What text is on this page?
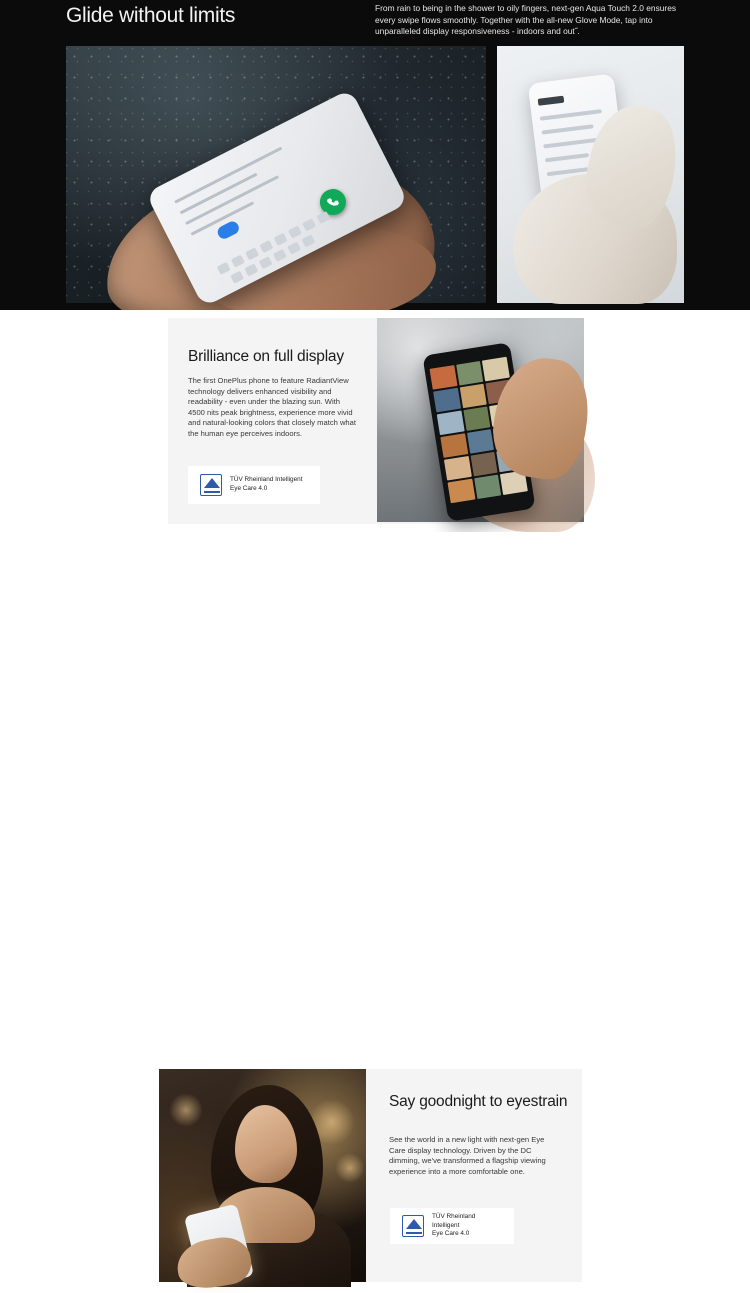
Glide without limits	From rain to being in the shower to oily fingers, next-gen Aqua Touch 2.0 ensures every swipe flows smoothly. Together with the all-new Glove Mode, tap into unparalleled display responsiveness - indoors and out˝.

Brilliance on full display

The first OnePlus phone to feature RadiantView technology delivers enhanced visibility and readability - even under the blazing sun. With 4500 nits peak brightness, experience more vivid and natural-looking colors that closely match what the human eye perceives indoors.

TÜV Rheinland Intelligent
Eye Care 4.0
Say goodnight to eyestrain

See the world in a new light with next-gen Eye Care display technology. Driven by the DC dimming, we've transformed a flagship viewing experience into a more comfortable one.

TÜV Rheinland Intelligent
Eye Care 4.0
